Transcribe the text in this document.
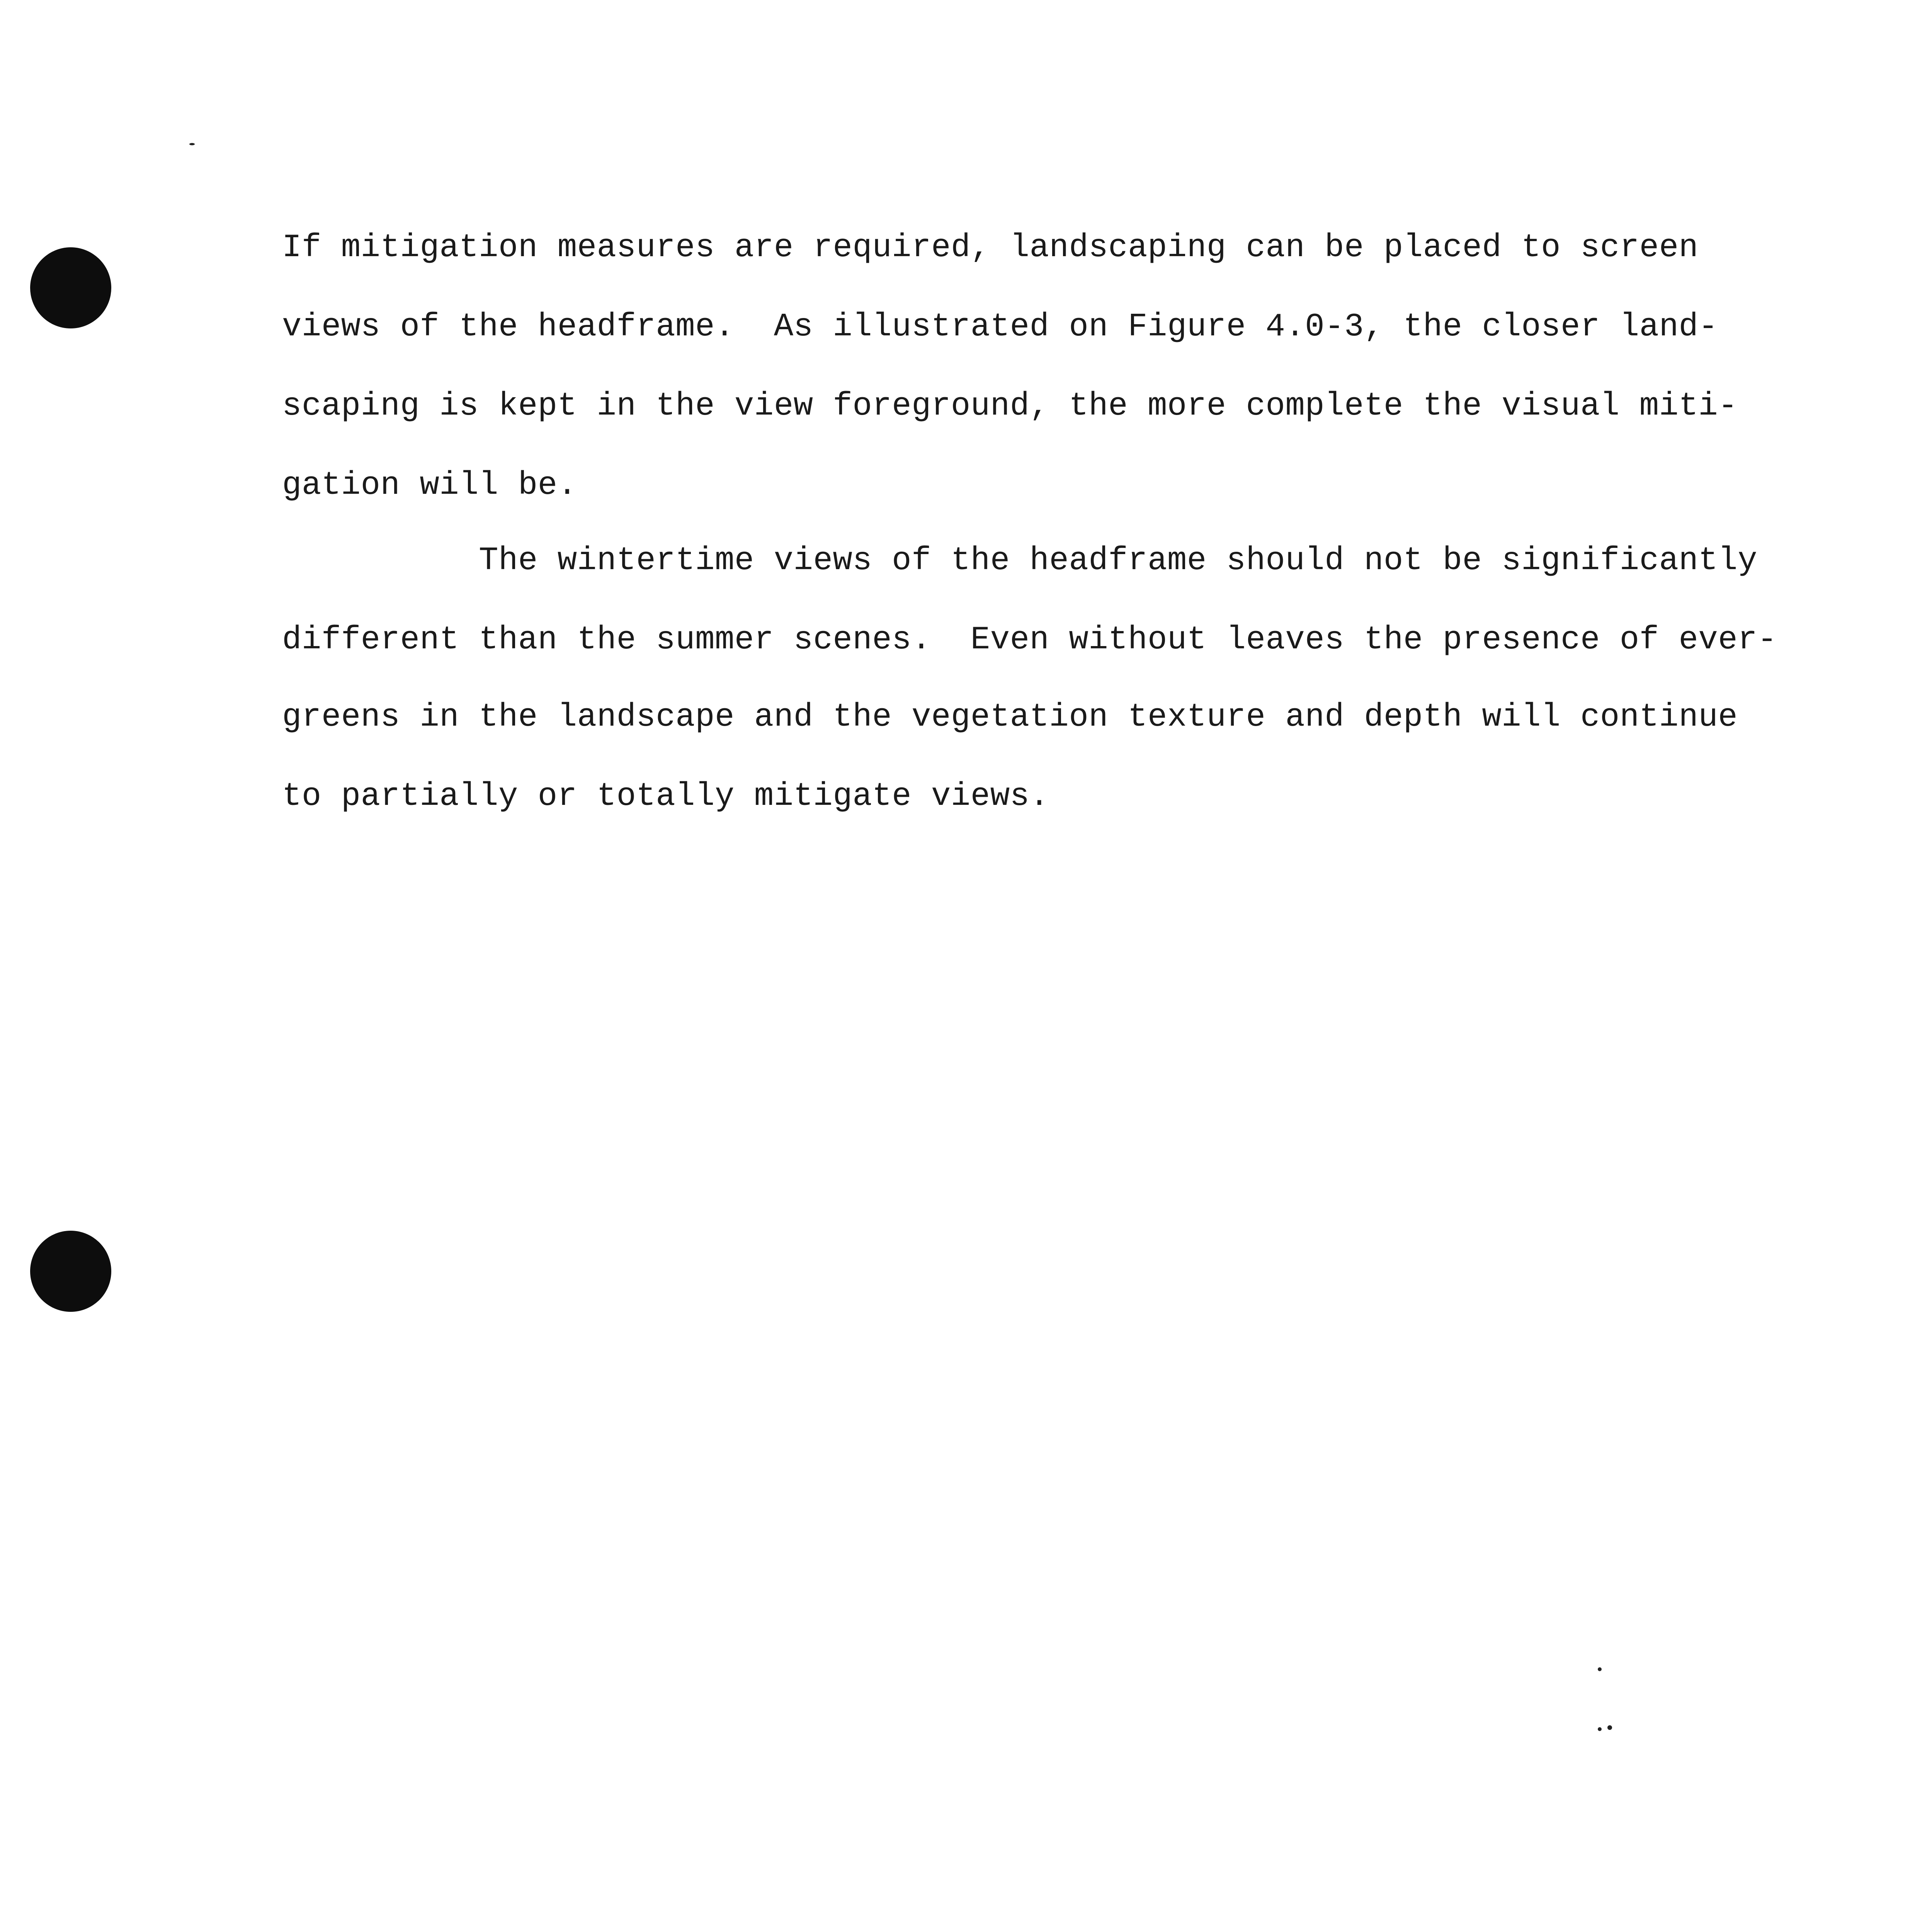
If mitigation measures are required, landscaping can be placed to screen
views of the headframe.  As illustrated on Figure 4.0-3, the closer land-
scaping is kept in the view foreground, the more complete the visual miti-
gation will be.
The wintertime views of the headframe should not be significantly
different than the summer scenes.  Even without leaves the presence of ever-
greens in the landscape and the vegetation texture and depth will continue
to partially or totally mitigate views.
